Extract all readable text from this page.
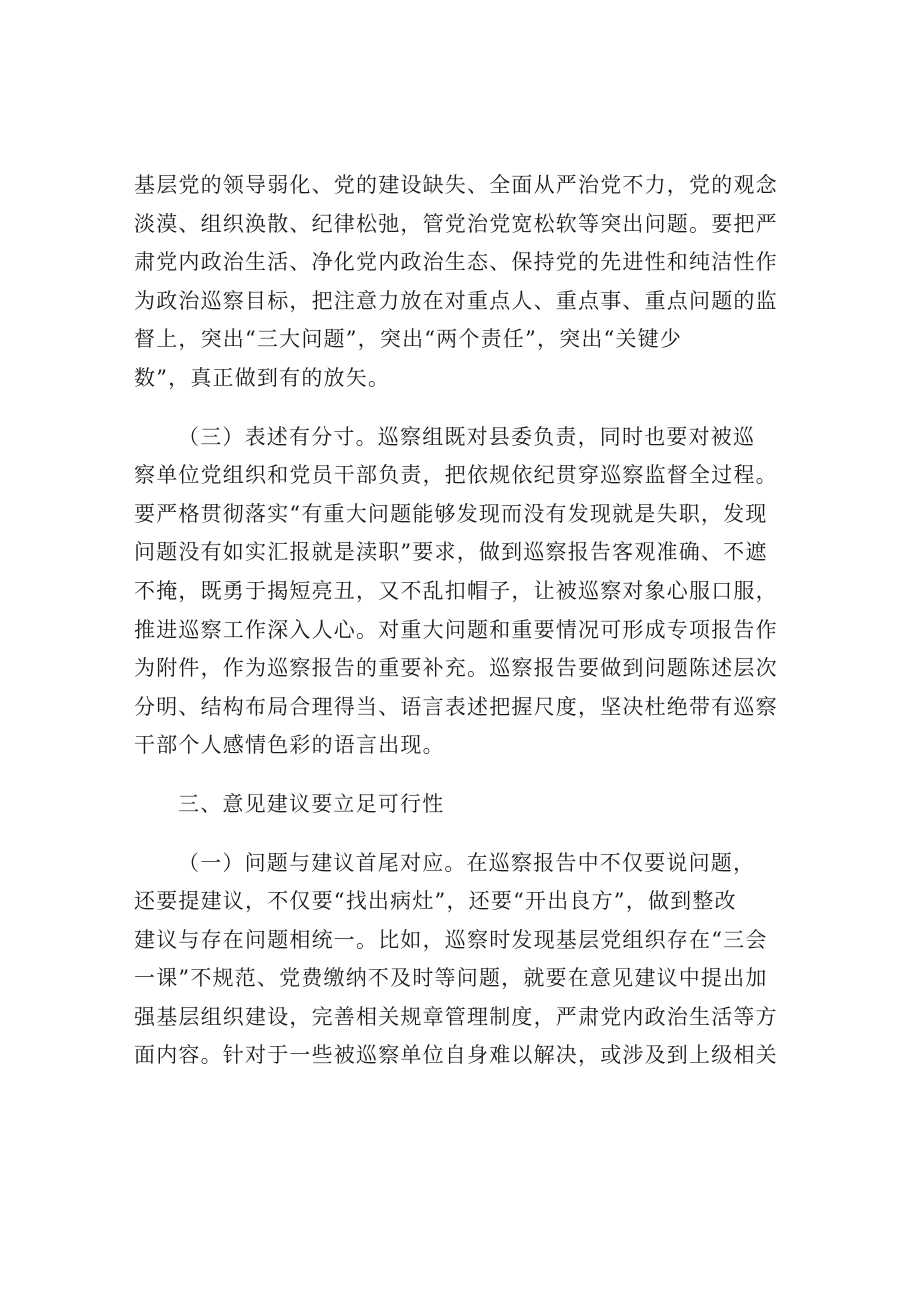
基层党的领导弱化、党的建设缺失、全面从严治党不力，党的观念
淡漠、组织涣散、纪律松弛，管党治党宽松软等突出问题。要把严
肃党内政治生活、净化党内政治生态、保持党的先进性和纯洁性作
为政治巡察目标，把注意力放在对重点人、重点事、重点问题的监
督上，突出“三大问题”，突出“两个责任”，突出“关键少
数”，真正做到有的放矢。

（三）表述有分寸。巡察组既对县委负责，同时也要对被巡
察单位党组织和党员干部负责，把依规依纪贯穿巡察监督全过程。
要严格贯彻落实“有重大问题能够发现而没有发现就是失职，发现
问题没有如实汇报就是渎职”要求，做到巡察报告客观准确、不遮
不掩，既勇于揭短亮丑，又不乱扣帽子，让被巡察对象心服口服，
推进巡察工作深入人心。对重大问题和重要情况可形成专项报告作
为附件，作为巡察报告的重要补充。巡察报告要做到问题陈述层次
分明、结构布局合理得当、语言表述把握尺度，坚决杜绝带有巡察
干部个人感情色彩的语言出现。

三、意见建议要立足可行性

（一）问题与建议首尾对应。在巡察报告中不仅要说问题，
还要提建议，不仅要“找出病灶”，还要“开出良方”，做到整改
建议与存在问题相统一。比如，巡察时发现基层党组织存在“三会
一课”不规范、党费缴纳不及时等问题，就要在意见建议中提出加
强基层组织建设，完善相关规章管理制度，严肃党内政治生活等方
面内容。针对于一些被巡察单位自身难以解决，或涉及到上级相关
